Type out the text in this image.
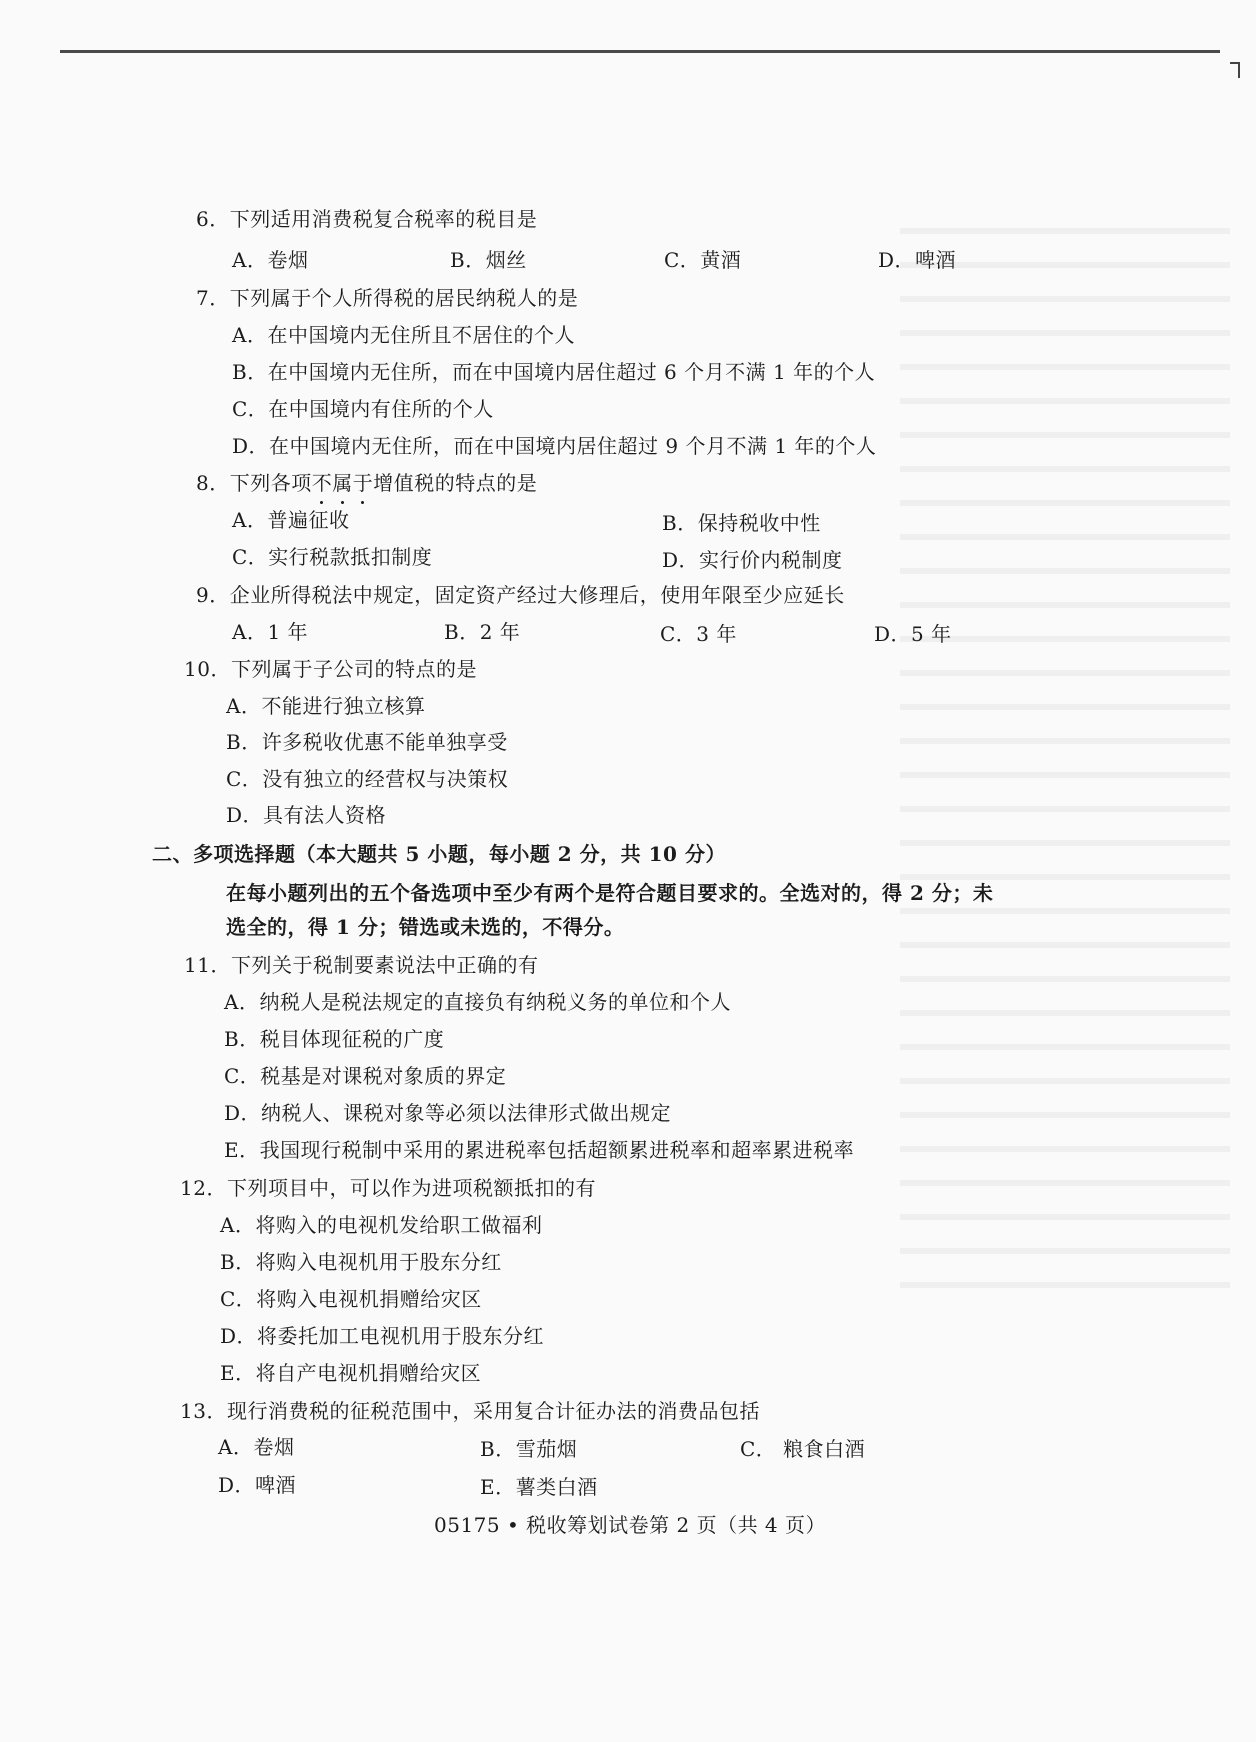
6．下列适用消费税复合税率的税目是
A．卷烟	B．烟丝	C．黄酒	D．啤酒
7．下列属于个人所得税的居民纳税人的是
A．在中国境内无住所且不居住的个人
B．在中国境内无住所，而在中国境内居住超过 6 个月不满 1 年的个人
C．在中国境内有住所的个人
D．在中国境内无住所，而在中国境内居住超过 9 个月不满 1 年的个人
8．下列各项不属于增值税的特点的是
A．普遍征收	B．保持税收中性
C．实行税款抵扣制度	D．实行价内税制度
9．企业所得税法中规定，固定资产经过大修理后，使用年限至少应延长
A．1 年	B．2 年	C．3 年	D．5 年
10．下列属于子公司的特点的是
A．不能进行独立核算
B．许多税收优惠不能单独享受
C．没有独立的经营权与决策权
D．具有法人资格
二、多项选择题（本大题共 5 小题，每小题 2 分，共 10 分）
在每小题列出的五个备选项中至少有两个是符合题目要求的。全选对的，得 2 分；未
选全的，得 1 分；错选或未选的，不得分。
11．下列关于税制要素说法中正确的有
A．纳税人是税法规定的直接负有纳税义务的单位和个人
B．税目体现征税的广度
C．税基是对课税对象质的界定
D．纳税人、课税对象等必须以法律形式做出规定
E．我国现行税制中采用的累进税率包括超额累进税率和超率累进税率
12．下列项目中，可以作为进项税额抵扣的有
A．将购入的电视机发给职工做福利
B．将购入电视机用于股东分红
C．将购入电视机捐赠给灾区
D．将委托加工电视机用于股东分红
E．将自产电视机捐赠给灾区
13．现行消费税的征税范围中，采用复合计征办法的消费品包括
A．卷烟	B．雪茄烟	C． 粮食白酒
D．啤酒	E．薯类白酒
05175 • 税收筹划试卷第 2 页（共 4 页）
